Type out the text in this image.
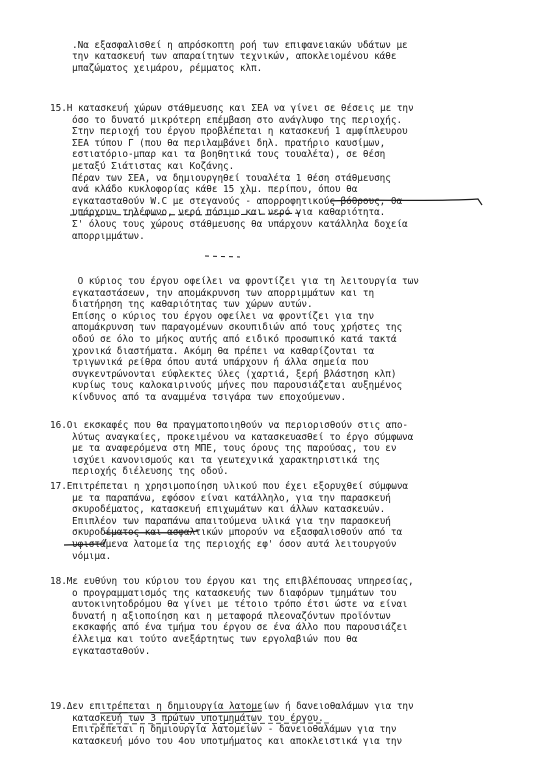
.Να εξασφαλισθεί η απρόσκοπτη ροή των επιφανειακών υδάτων με
την κατασκευή των απαραίτητων τεχνικών, αποκλειομένου κάθε
μπαζώματος χειμάρου, ρέμματος κλπ.
15.Η κατασκευή χώρων στάθμευσης και ΣΕΑ να γίνει σε θέσεις με την
όσο το δυνατό μικρότερη επέμβαση στο ανάγλυφο της περιοχής.
Στην περιοχή του έργου προβλέπεται η κατασκευή 1 αμφίπλευρου
ΣΕΑ τύπου Γ (που θα περιλαμβάνει δηλ. πρατήριο καυσίμων,
εστιατόριο-μπαρ και τα βοηθητικά τους τουαλέτα), σε θέση
μεταξύ Σιάτιστας και Κοζάνης.
Πέραν των ΣΕΑ, να δημιουργηθεί τουαλέτα 1 θέση στάθμευσης
ανά κλάδο κυκλοφορίας κάθε 15 χλμ. περίπου, όπου θα
εγκατασταθούν W.C με στεγανούς - απορροφητικούς βόθρους, θα
υπάρχουν τηλέφωνο, νερό πόσιμο και νερό για καθαριότητα.
Σ' όλους τους χώρους στάθμευσης θα υπάρχουν κατάλληλα δοχεία
απορριμμάτων.
Ο κύριος του έργου οφείλει να φροντίζει για τη λειτουργία των
εγκαταστάσεων, την απομάκρυνση των απορριμμάτων και τη
διατήρηση της καθαριότητας των χώρων αυτών.
Επίσης ο κύριος του έργου οφείλει να φροντίζει για την
απομάκρυνση των παραγομένων σκουπιδιών από τους χρήστες της
οδού σε όλο το μήκος αυτής από ειδικό προσωπικό κατά τακτά
χρονικά διαστήματα. Ακόμη θα πρέπει να καθαρίζονται τα
τριγωνικά ρείθρα όπου αυτά υπάρχουν ή άλλα σημεία που
συγκεντρώνονται εύφλεκτες ύλες (χαρτιά, ξερή βλάστηση κλπ)
κυρίως τους καλοκαιρινούς μήνες που παρουσιάζεται αυξημένος
κίνδυνος από τα αναμμένα τσιγάρα των εποχούμενων.
16.Οι εκσκαφές που θα πραγματοποιηθούν να περιορισθούν στις απο-
λύτως αναγκαίες, προκειμένου να κατασκευασθεί το έργο σύμφωνα
με τα αναφερόμενα στη ΜΠΕ, τους όρους της παρούσας, του εν
ισχύει κανονισμούς και τα γεωτεχνικά χαρακτηριστικά της
περιοχής διέλευσης της οδού.
17.Επιτρέπεται η χρησιμοποίηση υλικού που έχει εξορυχθεί σύμφωνα
με τα παραπάνω, εφόσον είναι κατάλληλο, για την παρασκευή
σκυροδέματος, κατασκευή επιχωμάτων και άλλων κατασκευών.
Επιπλέον των παραπάνω απαιτούμενα υλικά για την παρασκευή
σκυροδέματος και ασφαλτικών μπορούν να εξασφαλισθούν από τα
υφιστάμενα λατομεία της περιοχής εφ' όσον αυτά λειτουργούν
νόμιμα.
18.Με ευθύνη του κύριου του έργου και της επιβλέπουσας υπηρεσίας,
ο προγραμματισμός της κατασκευής των διαφόρων τμημάτων του
αυτοκινητοδρόμου θα γίνει με τέτοιο τρόπο έτσι ώστε να είναι
δυνατή η αξιοποίηση και η μεταφορά πλεοναζόντων προϊόντων
εκσκαφής από ένα τμήμα του έργου σε ένα άλλο που παρουσιάζει
έλλειμα και τούτο ανεξάρτητως των εργολαβιών που θα
εγκατασταθούν.
19.Δεν επιτρέπεται η δημιουργία λατομείων ή δανειοθαλάμων για την
κατασκευή των 3 πρώτων υποτμημάτων του έργου.
Επιτρέπεται η δημιουργία λατομείων - δανειοθαλάμων για την
κατασκευή μόνο του 4ου υποτμήματος και αποκλειστικά για την
